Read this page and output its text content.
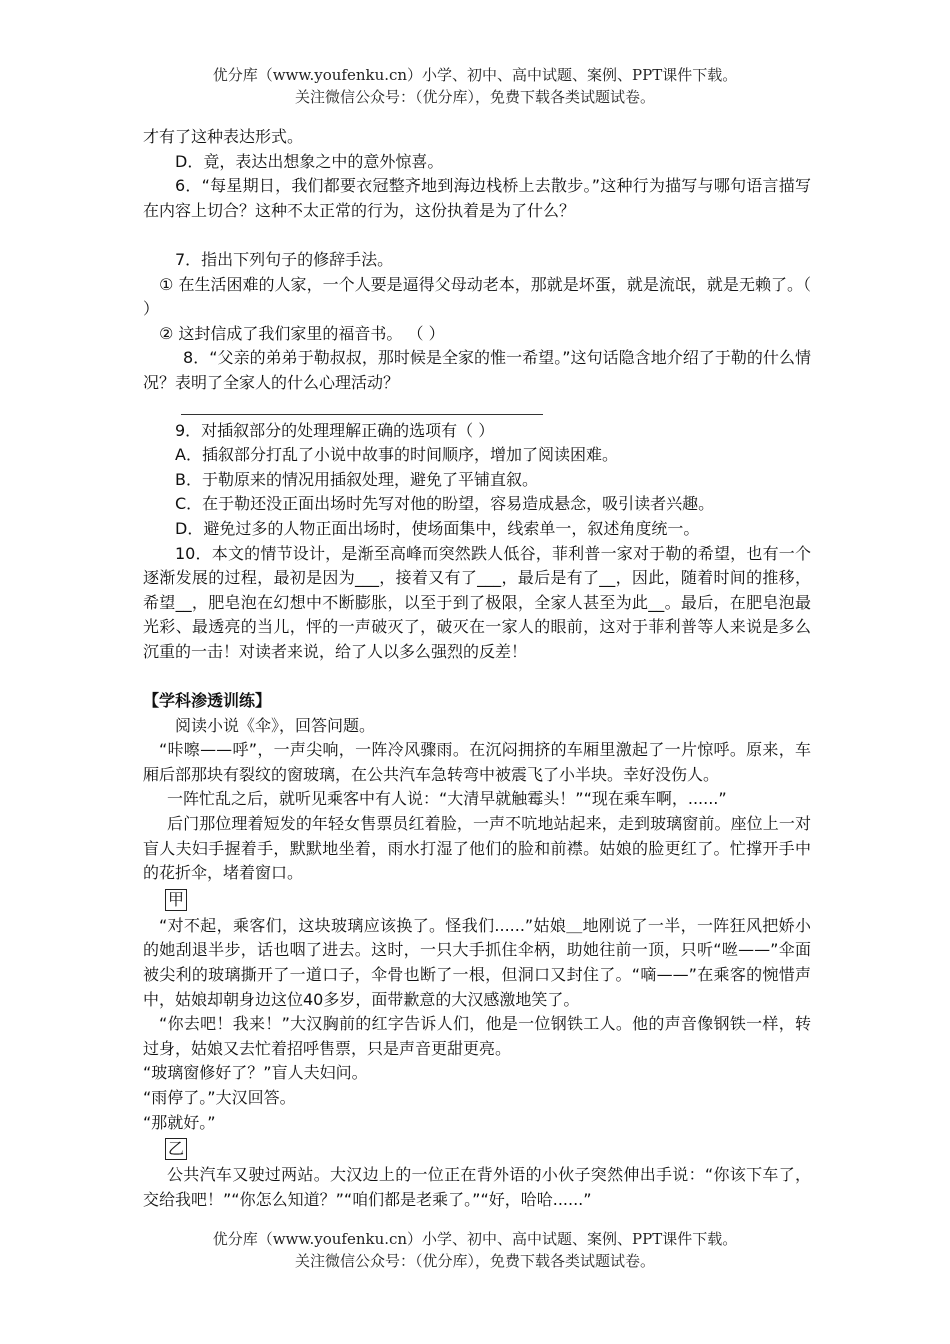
优分库（www.youfenku.cn）小学、初中、高中试题、案例、PPT课件下载。
关注微信公众号：（优分库），免费下载各类试题试卷。

才有了这种表达形式。

D．竟，表达出想象之中的意外惊喜。

6．“每星期日，我们都要衣冠整齐地到海边栈桥上去散步。”这种行为描写与哪句语言描写在内容上切合？这种不太正常的行为，这份执着是为了什么？

7．指出下列句子的修辞手法。

① 在生活困难的人家，一个人要是逼得父母动老本，那就是坏蛋，就是流氓，就是无赖了。（ ）

② 这封信成了我们家里的福音书。 （ ）

8．“父亲的弟弟于勒叔叔，那时候是全家的惟一希望。”这句话隐含地介绍了于勒的什么情况？表明了全家人的什么心理活动？

9．对插叙部分的处理理解正确的选项有（ ）

A．插叙部分打乱了小说中故事的时间顺序，增加了阅读困难。

B．于勒原来的情况用插叙处理，避免了平铺直叙。

C．在于勒还没正面出场时先写对他的盼望，容易造成悬念，吸引读者兴趣。

D．避免过多的人物正面出场时，使场面集中，线索单一，叙述角度统一。

10．本文的情节设计，是渐至高峰而突然跌人低谷，菲利普一家对于勒的希望，也有一个逐渐发展的过程，最初是因为___，接着又有了___，最后是有了__，因此，随着时间的推移，希望__，肥皂泡在幻想中不断膨胀，以至于到了极限，全家人甚至为此__。最后，在肥皂泡最光彩、最透亮的当儿，怦的一声破灭了，破灭在一家人的眼前，这对于菲利普等人来说是多么沉重的一击！对读者来说，给了人以多么强烈的反差！

【学科渗透训练】

阅读小说《伞》，回答问题。

“咔嚓——呼”，一声尖响，一阵冷风骤雨。在沉闷拥挤的车厢里激起了一片惊呼。原来，车厢后部那块有裂纹的窗玻璃，在公共汽车急转弯中被震飞了小半块。幸好没伤人。

一阵忙乱之后，就听见乘客中有人说：“大清早就触霉头！”“现在乘车啊，......”

后门那位理着短发的年轻女售票员红着脸，一声不吭地站起来，走到玻璃窗前。座位上一对盲人夫妇手握着手，默默地坐着，雨水打湿了他们的脸和前襟。姑娘的脸更红了。忙撑开手中的花折伞，堵着窗口。

甲

“对不起，乘客们，这块玻璃应该换了。怪我们......”姑娘＿地刚说了一半，一阵狂风把娇小的她刮退半步，话也咽了进去。这时，一只大手抓住伞柄，助她往前一顶，只听“咝——”伞面被尖利的玻璃撕开了一道口子，伞骨也断了一根，但洞口又封住了。“嘀——”在乘客的惋惜声中，姑娘却朝身边这位40多岁，面带歉意的大汉感激地笑了。

“你去吧！我来！”大汉胸前的红字告诉人们，他是一位钢铁工人。他的声音像钢铁一样，转过身，姑娘又去忙着招呼售票，只是声音更甜更亮。

“玻璃窗修好了？”盲人夫妇问。

“雨停了。”大汉回答。

“那就好。”

乙

公共汽车又驶过两站。大汉边上的一位正在背外语的小伙子突然伸出手说：“你该下车了，交给我吧！”“你怎么知道？”“咱们都是老乘了。”“好，哈哈......”

优分库（www.youfenku.cn）小学、初中、高中试题、案例、PPT课件下载。
关注微信公众号：（优分库），免费下载各类试题试卷。
